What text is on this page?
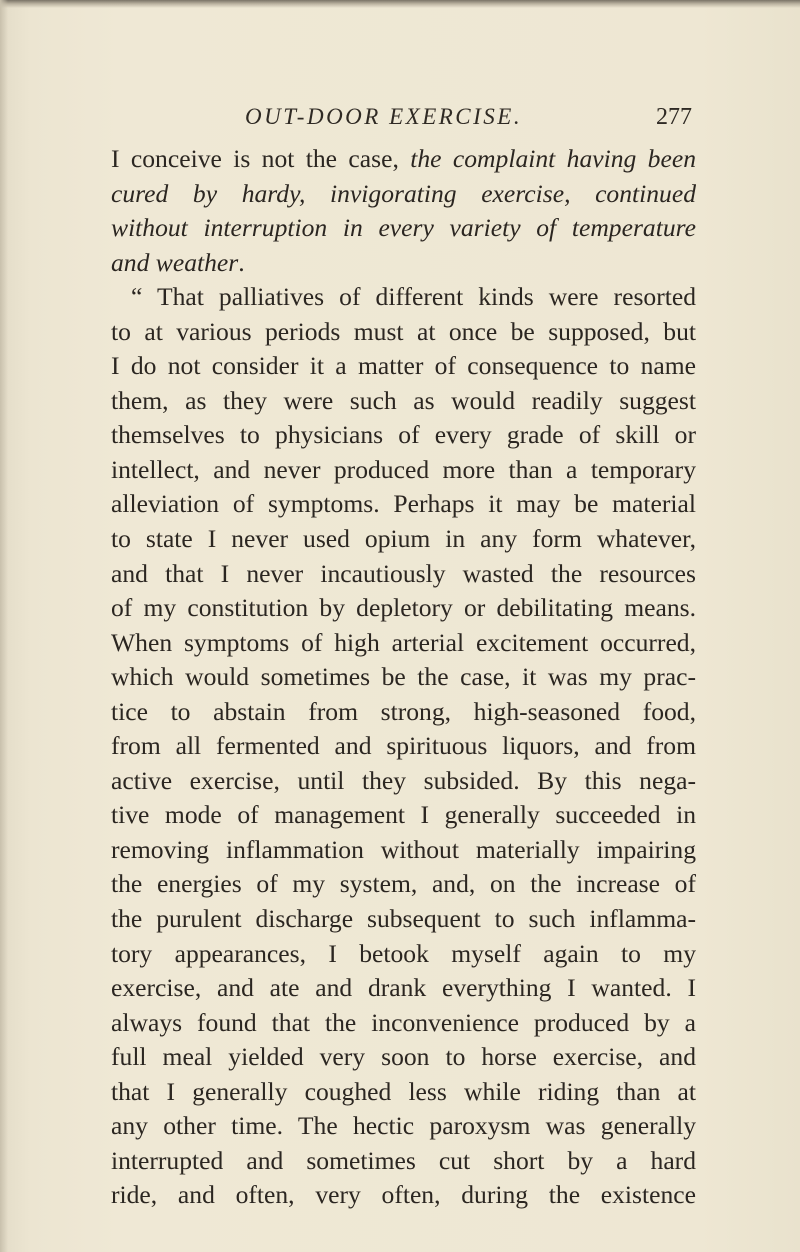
OUT-DOOR EXERCISE.	277
I conceive is not the case, the complaint having been
cured by hardy, invigorating exercise, continued
without interruption in every variety of temperature
and weather.
“ That palliatives of different kinds were resorted
to at various periods must at once be supposed, but
I do not consider it a matter of consequence to name
them, as they were such as would readily suggest
themselves to physicians of every grade of skill or
intellect, and never produced more than a temporary
alleviation of symptoms. Perhaps it may be material
to state I never used opium in any form whatever,
and that I never incautiously wasted the resources
of my constitution by depletory or debilitating means.
When symptoms of high arterial excitement occurred,
which would sometimes be the case, it was my prac-
tice to abstain from strong, high-seasoned food,
from all fermented and spirituous liquors, and from
active exercise, until they subsided. By this nega-
tive mode of management I generally succeeded in
removing inflammation without materially impairing
the energies of my system, and, on the increase of
the purulent discharge subsequent to such inflamma-
tory appearances, I betook myself again to my
exercise, and ate and drank everything I wanted. I
always found that the inconvenience produced by a
full meal yielded very soon to horse exercise, and
that I generally coughed less while riding than at
any other time. The hectic paroxysm was generally
interrupted and sometimes cut short by a hard
ride, and often, very often, during the existence
